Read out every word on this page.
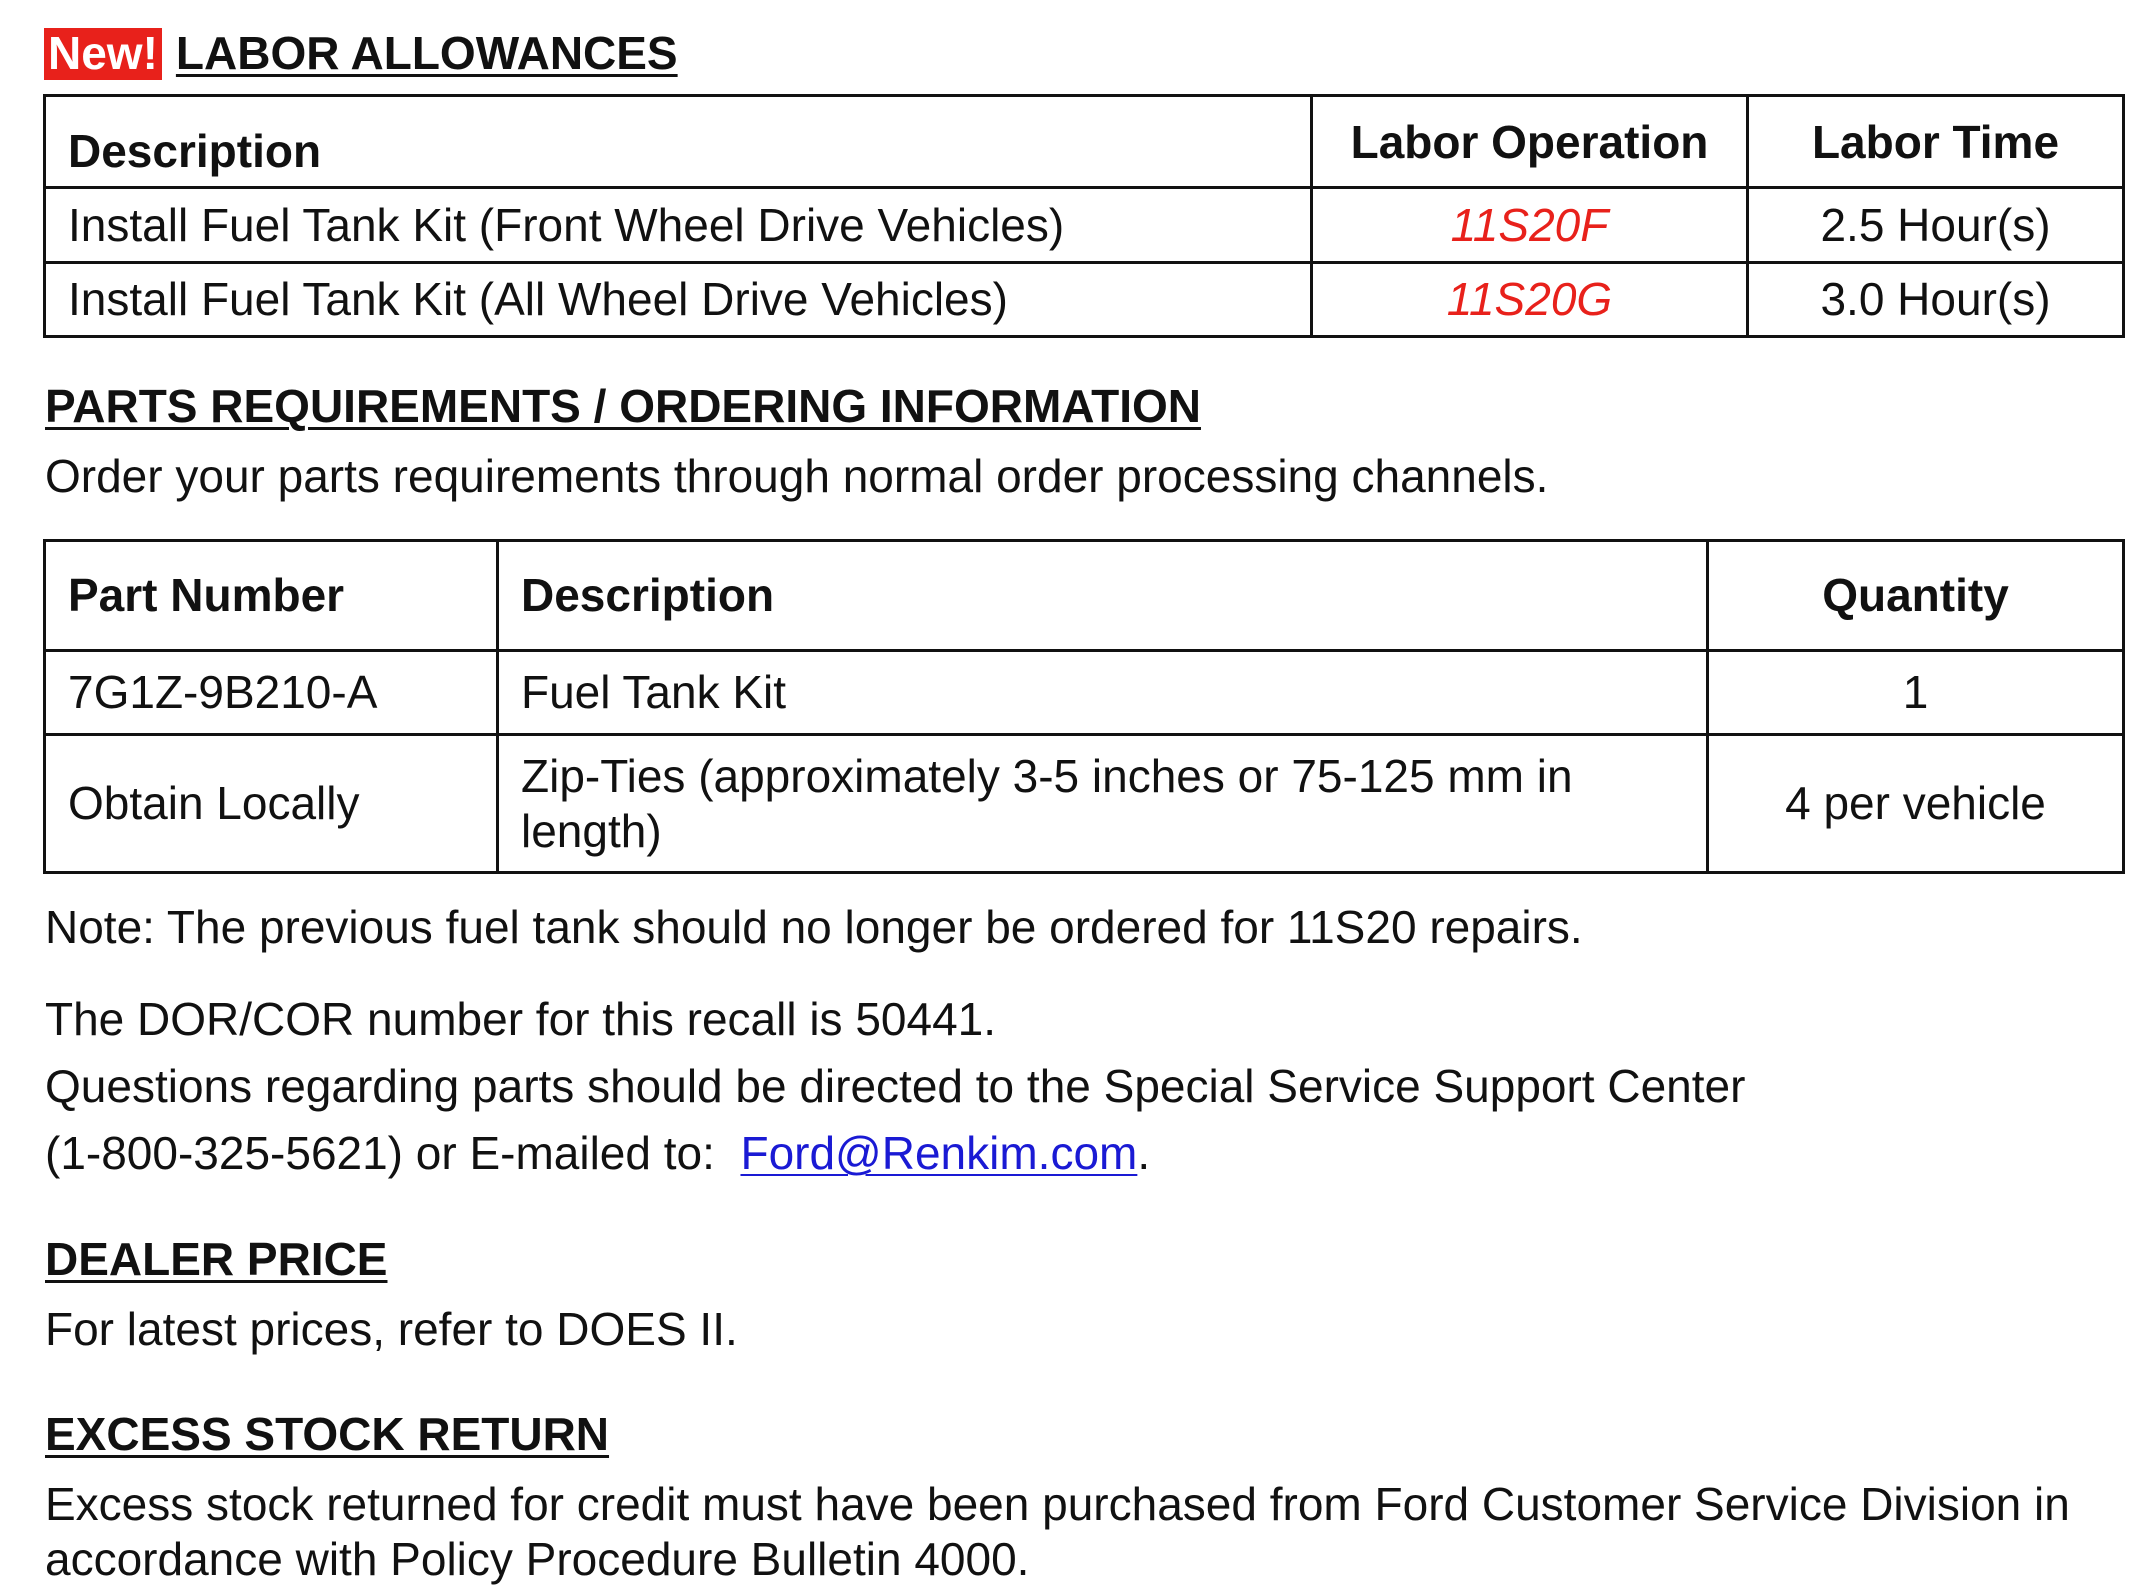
New! LABOR ALLOWANCES
Description	Labor Operation	Labor Time
Install Fuel Tank Kit (Front Wheel Drive Vehicles)	11S20F	2.5 Hour(s)
Install Fuel Tank Kit (All Wheel Drive Vehicles)	11S20G	3.0 Hour(s)
PARTS REQUIREMENTS / ORDERING INFORMATION
Order your parts requirements through normal order processing channels.
Part Number	Description	Quantity
7G1Z-9B210-A	Fuel Tank Kit	1
Obtain Locally	Zip-Ties (approximately 3-5 inches or 75-125 mm in length)	4 per vehicle
Note: The previous fuel tank should no longer be ordered for 11S20 repairs.
The DOR/COR number for this recall is 50441.
Questions regarding parts should be directed to the Special Service Support Center
(1-800-325-5621) or E-mailed to: Ford@Renkim.com.
DEALER PRICE
For latest prices, refer to DOES II.
EXCESS STOCK RETURN
Excess stock returned for credit must have been purchased from Ford Customer Service Division in
accordance with Policy Procedure Bulletin 4000.
